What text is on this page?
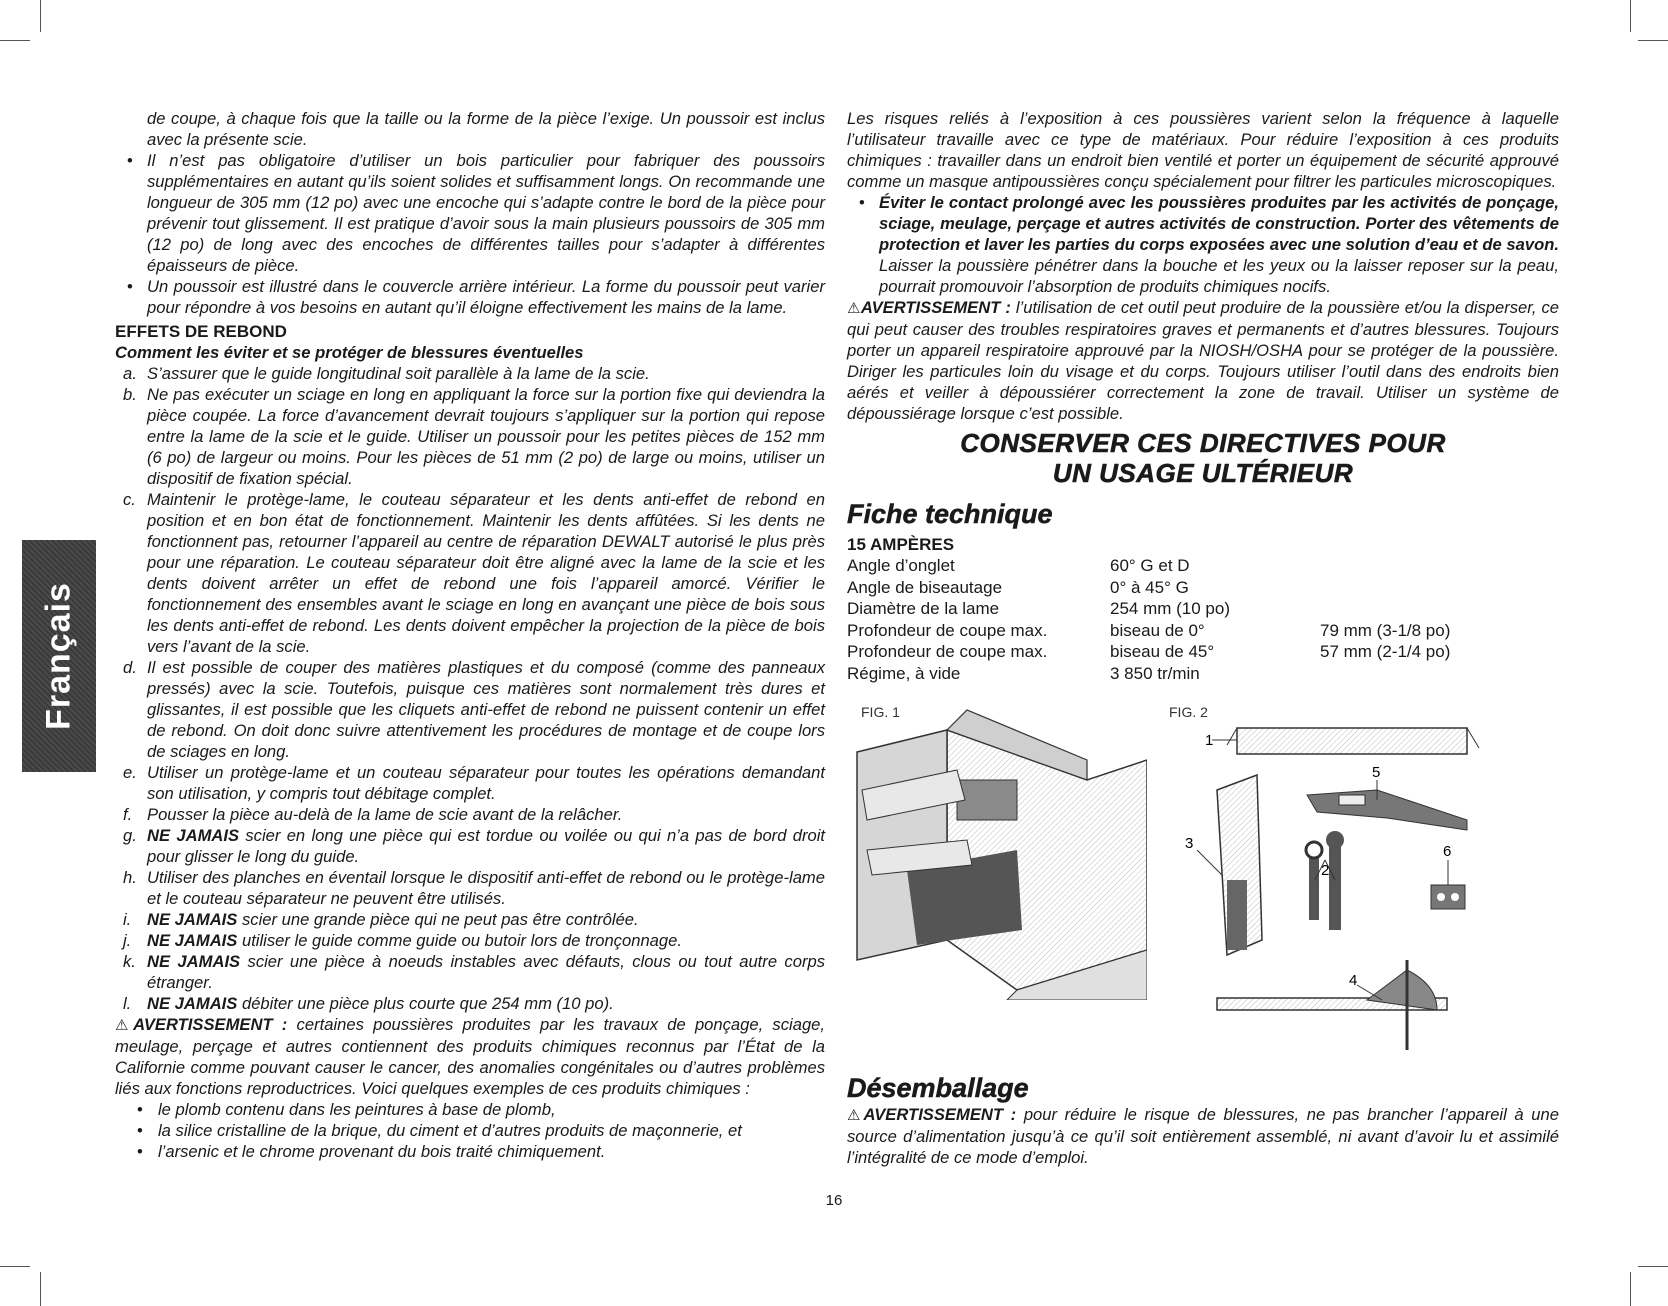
Français

de coupe, à chaque fois que la taille ou la forme de la pièce l’exige. Un poussoir est inclus avec la présente scie.

• Il n’est pas obligatoire d’utiliser un bois particulier pour fabriquer des poussoirs supplémentaires en autant qu’ils soient solides et suffisamment longs. On recommande une longueur de 305 mm (12 po) avec une encoche qui s’adapte contre le bord de la pièce pour prévenir tout glissement. Il est pratique d’avoir sous la main plusieurs poussoirs de 305 mm (12 po) de long avec des encoches de différentes tailles pour s’adapter à différentes épaisseurs de pièce.

• Un poussoir est illustré dans le couvercle arrière intérieur. La forme du poussoir peut varier pour répondre à vos besoins en autant qu’il éloigne effectivement les mains de la lame.

EFFETS DE REBOND

Comment les éviter et se protéger de blessures éventuelles

a. S’assurer que le guide longitudinal soit parallèle à la lame de la scie.
b. Ne pas exécuter un sciage en long en appliquant la force sur la portion fixe qui deviendra la pièce coupée. La force d’avancement devrait toujours s’appliquer sur la portion qui repose entre la lame de la scie et le guide. Utiliser un poussoir pour les petites pièces de 152 mm (6 po) de largeur ou moins. Pour les pièces de 51 mm (2 po) de large ou moins, utiliser un dispositif de fixation spécial.
c. Maintenir le protège-lame, le couteau séparateur et les dents anti-effet de rebond en position et en bon état de fonctionnement. Maintenir les dents affûtées. Si les dents ne fonctionnent pas, retourner l’appareil au centre de réparation DEWALT autorisé le plus près pour une réparation. Le couteau séparateur doit être aligné avec la lame de la scie et les dents doivent arrêter un effet de rebond une fois l’appareil amorcé. Vérifier le fonctionnement des ensembles avant le sciage en long en avançant une pièce de bois sous les dents anti-effet de rebond. Les dents doivent empêcher la projection de la pièce de bois vers l’avant de la scie.
d. Il est possible de couper des matières plastiques et du composé (comme des panneaux pressés) avec la scie. Toutefois, puisque ces matières sont normalement très dures et glissantes, il est possible que les cliquets anti-effet de rebond ne puissent contenir un effet de rebond. On doit donc suivre attentivement les procédures de montage et de coupe lors de sciages en long.
e. Utiliser un protège-lame et un couteau séparateur pour toutes les opérations demandant son utilisation, y compris tout débitage complet.
f. Pousser la pièce au-delà de la lame de scie avant de la relâcher.
g. NE JAMAIS scier en long une pièce qui est tordue ou voilée ou qui n’a pas de bord droit pour glisser le long du guide.
h. Utiliser des planches en éventail lorsque le dispositif anti-effet de rebond ou le protège-lame et le couteau séparateur ne peuvent être utilisés.
i. NE JAMAIS scier une grande pièce qui ne peut pas être contrôlée.
j. NE JAMAIS utiliser le guide comme guide ou butoir lors de tronçonnage.
k. NE JAMAIS scier une pièce à noeuds instables avec défauts, clous ou tout autre corps étranger.
l. NE JAMAIS débiter une pièce plus courte que 254 mm (10 po).

⚠AVERTISSEMENT : certaines poussières produites par les travaux de ponçage, sciage, meulage, perçage et autres contiennent des produits chimiques reconnus par l’État de la Californie comme pouvant causer le cancer, des anomalies congénitales ou d’autres problèmes liés aux fonctions reproductrices. Voici quelques exemples de ces produits chimiques :

• le plomb contenu dans les peintures à base de plomb,

• la silice cristalline de la brique, du ciment et d’autres produits de maçonnerie, et

• l’arsenic et le chrome provenant du bois traité chimiquement.

Les risques reliés à l’exposition à ces poussières varient selon la fréquence à laquelle l’utilisateur travaille avec ce type de matériaux. Pour réduire l’exposition à ces produits chimiques : travailler dans un endroit bien ventilé et porter un équipement de sécurité approuvé comme un masque antipoussières conçu spécialement pour filtrer les particules microscopiques.

• Éviter le contact prolongé avec les poussières produites par les activités de ponçage, sciage, meulage, perçage et autres activités de construction. Porter des vêtements de protection et laver les parties du corps exposées avec une solution d’eau et de savon. Laisser la poussière pénétrer dans la bouche et les yeux ou la laisser reposer sur la peau, pourrait promouvoir l’absorption de produits chimiques nocifs.

⚠AVERTISSEMENT : l’utilisation de cet outil peut produire de la poussière et/ou la disperser, ce qui peut causer des troubles respiratoires graves et permanents et d’autres blessures. Toujours porter un appareil respiratoire approuvé par la NIOSH/OSHA pour se protéger de la poussière. Diriger les particules loin du visage et du corps. Toujours utiliser l’outil dans des endroits bien aérés et veiller à dépoussiérer correctement la zone de travail. Utiliser un système de dépoussiérage lorsque c’est possible.

CONSERVER CES DIRECTIVES POUR
UN USAGE ULTÉRIEUR
Fiche technique
15 AMPÈRES
Angle d’onglet	60° G et D
Angle de biseautage	0° à 45° G
Diamètre de la lame	254 mm (10 po)
Profondeur de coupe max.	biseau de 0°	79 mm (3-1/8 po)
Profondeur de coupe max.	biseau de 45°	57 mm (2-1/4 po)
Régime, à vide	3 850 tr/min
FIG. 1	FIG. 2
1
2
3
4
5
6
Désemballage

⚠AVERTISSEMENT : pour réduire le risque de blessures, ne pas brancher l’appareil à une source d’alimentation jusqu’à ce qu’il soit entièrement assemblé, ni avant d’avoir lu et assimilé l’intégralité de ce mode d’emploi.

16
